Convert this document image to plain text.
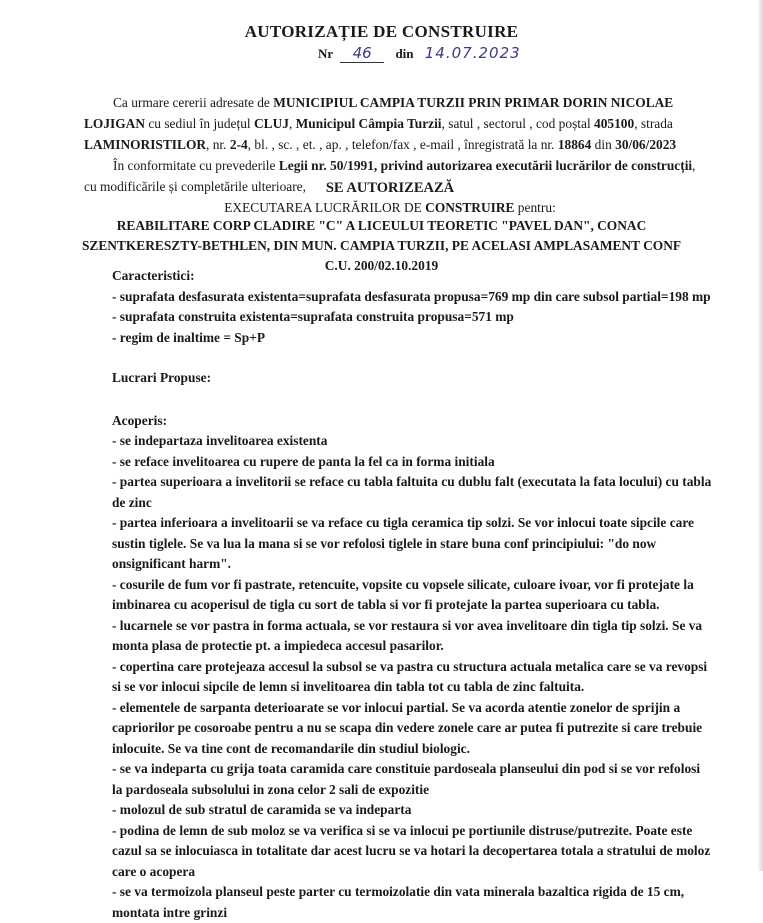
AUTORIZAȚIE DE CONSTRUIRE
Nr 46 din 14.07.2023

Ca urmare cererii adresate de MUNICIPIUL CAMPIA TURZII PRIN PRIMAR DORIN NICOLAE LOJIGAN cu sediul în județul CLUJ, Municipul Câmpia Turzii, satul , sectorul , cod poștal 405100, strada LAMINORISTILOR, nr. 2-4, bl. , sc. , et. , ap. , telefon/fax , e-mail , înregistrată la nr. 18864 din 30/06/2023

În conformitate cu prevederile Legii nr. 50/1991, privind autorizarea executării lucrărilor de construcții, cu modificările și completările ulterioare,	SE AUTORIZEAZĂ
EXECUTAREA LUCRĂRILOR DE CONSTRUIRE pentru:
REABILITARE CORP CLADIRE "C" A LICEULUI TEORETIC "PAVEL DAN", CONAC
SZENTKERESZTY-BETHLEN, DIN MUN. CAMPIA TURZII, PE ACELASI AMPLASAMENT CONF
C.U. 200/02.10.2019
Caracteristici:
- suprafata desfasurata existenta=suprafata desfasurata propusa=769 mp din care subsol partial=198 mp
- suprafata construita existenta=suprafata construita propusa=571 mp
- regim de inaltime = Sp+P
Lucrari Propuse:
Acoperis:
- se indepartaza invelitoarea existenta
- se reface invelitoarea cu rupere de panta la fel ca in forma initiala
- partea superioara a invelitorii se reface cu tabla faltuita cu dublu falt (executata la fata locului) cu tabla de zinc
- partea inferioara a invelitoarii se va reface cu tigla ceramica tip solzi. Se vor inlocui toate sipcile care sustin tiglele. Se va lua la mana si se vor refolosi tiglele in stare buna conf principiului: "do now onsignificant harm".
- cosurile de fum vor fi pastrate, retencuite, vopsite cu vopsele silicate, culoare ivoar, vor fi protejate la imbinarea cu acoperisul de tigla cu sort de tabla si vor fi protejate la partea superioara cu tabla.
- lucarnele se vor pastra in forma actuala, se vor restaura si vor avea invelitoare din tigla tip solzi. Se va monta plasa de protectie pt. a impiedeca accesul pasarilor.
- copertina care protejeaza accesul la subsol se va pastra cu structura actuala metalica care se va revopsi si se vor inlocui sipcile de lemn si invelitoarea din tabla tot cu tabla de zinc faltuita.
- elementele de sarpanta deterioarate se vor inlocui partial. Se va acorda atentie zonelor de sprijin a capriorilor pe cosoroabe pentru a nu se scapa din vedere zonele care ar putea fi putrezite si care trebuie inlocuite. Se va tine cont de recomandarile din studiul biologic.
- se va indeparta cu grija toata caramida care constituie pardoseala planseului din pod si se vor refolosi la pardoseala subsolului in zona celor 2 sali de expozitie
- molozul de sub stratul de caramida se va indeparta
- podina de lemn de sub moloz se va verifica si se va inlocui pe portiunile distruse/putrezite. Poate este cazul sa se inlocuiasca in totalitate dar acest lucru se va hotari la decopertarea totala a stratului de moloz care o acopera
- se va termoizola planseul peste parter cu termoizolatie din vata minerala bazaltica rigida de 15 cm, montata intre grinzi
